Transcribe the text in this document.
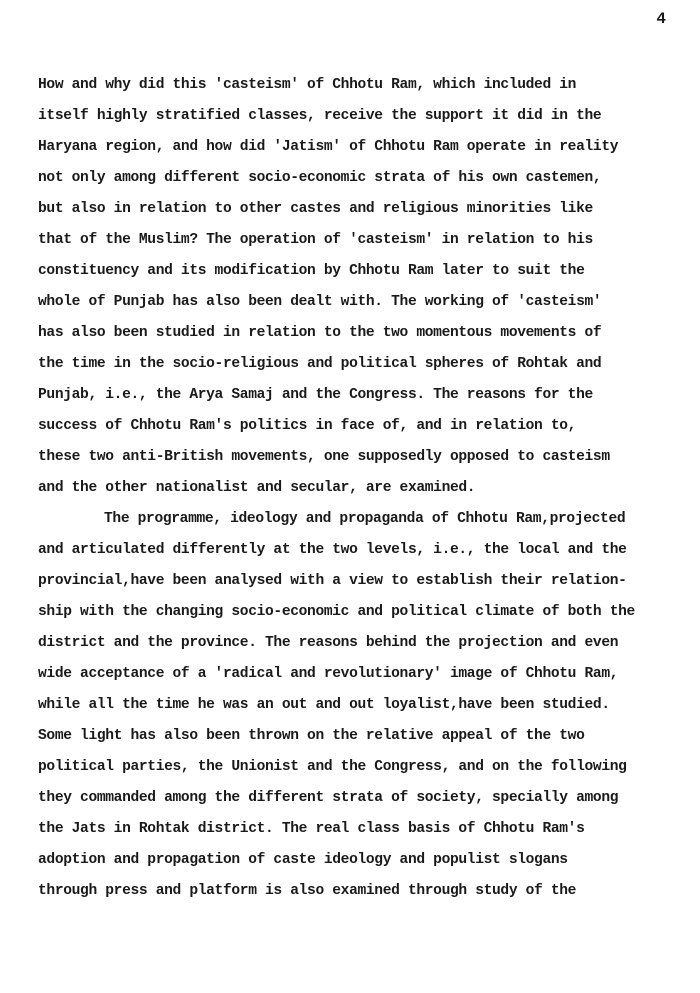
4
How and why did this 'casteism' of Chhotu Ram, which included in
itself highly stratified classes, receive the support it did in the
Haryana region, and how did 'Jatism' of Chhotu Ram operate in reality
not only among different socio-economic strata of his own castemen,
but also in relation to other castes and religious minorities like
that of the Muslim? The operation of 'casteism' in relation to his
constituency and its modification by Chhotu Ram later to suit the
whole of Punjab has also been dealt with. The working of 'casteism'
has also been studied in relation to the two momentous movements of
the time in the socio-religious and political spheres of Rohtak and
Punjab, i.e., the Arya Samaj and the Congress. The reasons for the
success of Chhotu Ram's politics in face of, and in relation to,
these two anti-British movements, one supposedly opposed to casteism
and the other nationalist and secular, are examined.
The programme, ideology and propaganda of Chhotu Ram,projected
and articulated differently at the two levels, i.e., the local and the
provincial,have been analysed with a view to establish their relation-
ship with the changing socio-economic and political climate of both the
district and the province. The reasons behind the projection and even
wide acceptance of a 'radical and revolutionary' image of Chhotu Ram,
while all the time he was an out and out loyalist,have been studied.
Some light has also been thrown on the relative appeal of the two
political parties, the Unionist and the Congress, and on the following
they commanded among the different strata of society, specially among
the Jats in Rohtak district. The real class basis of Chhotu Ram's
adoption and propagation of caste ideology and populist slogans
through press and platform is also examined through study of the
